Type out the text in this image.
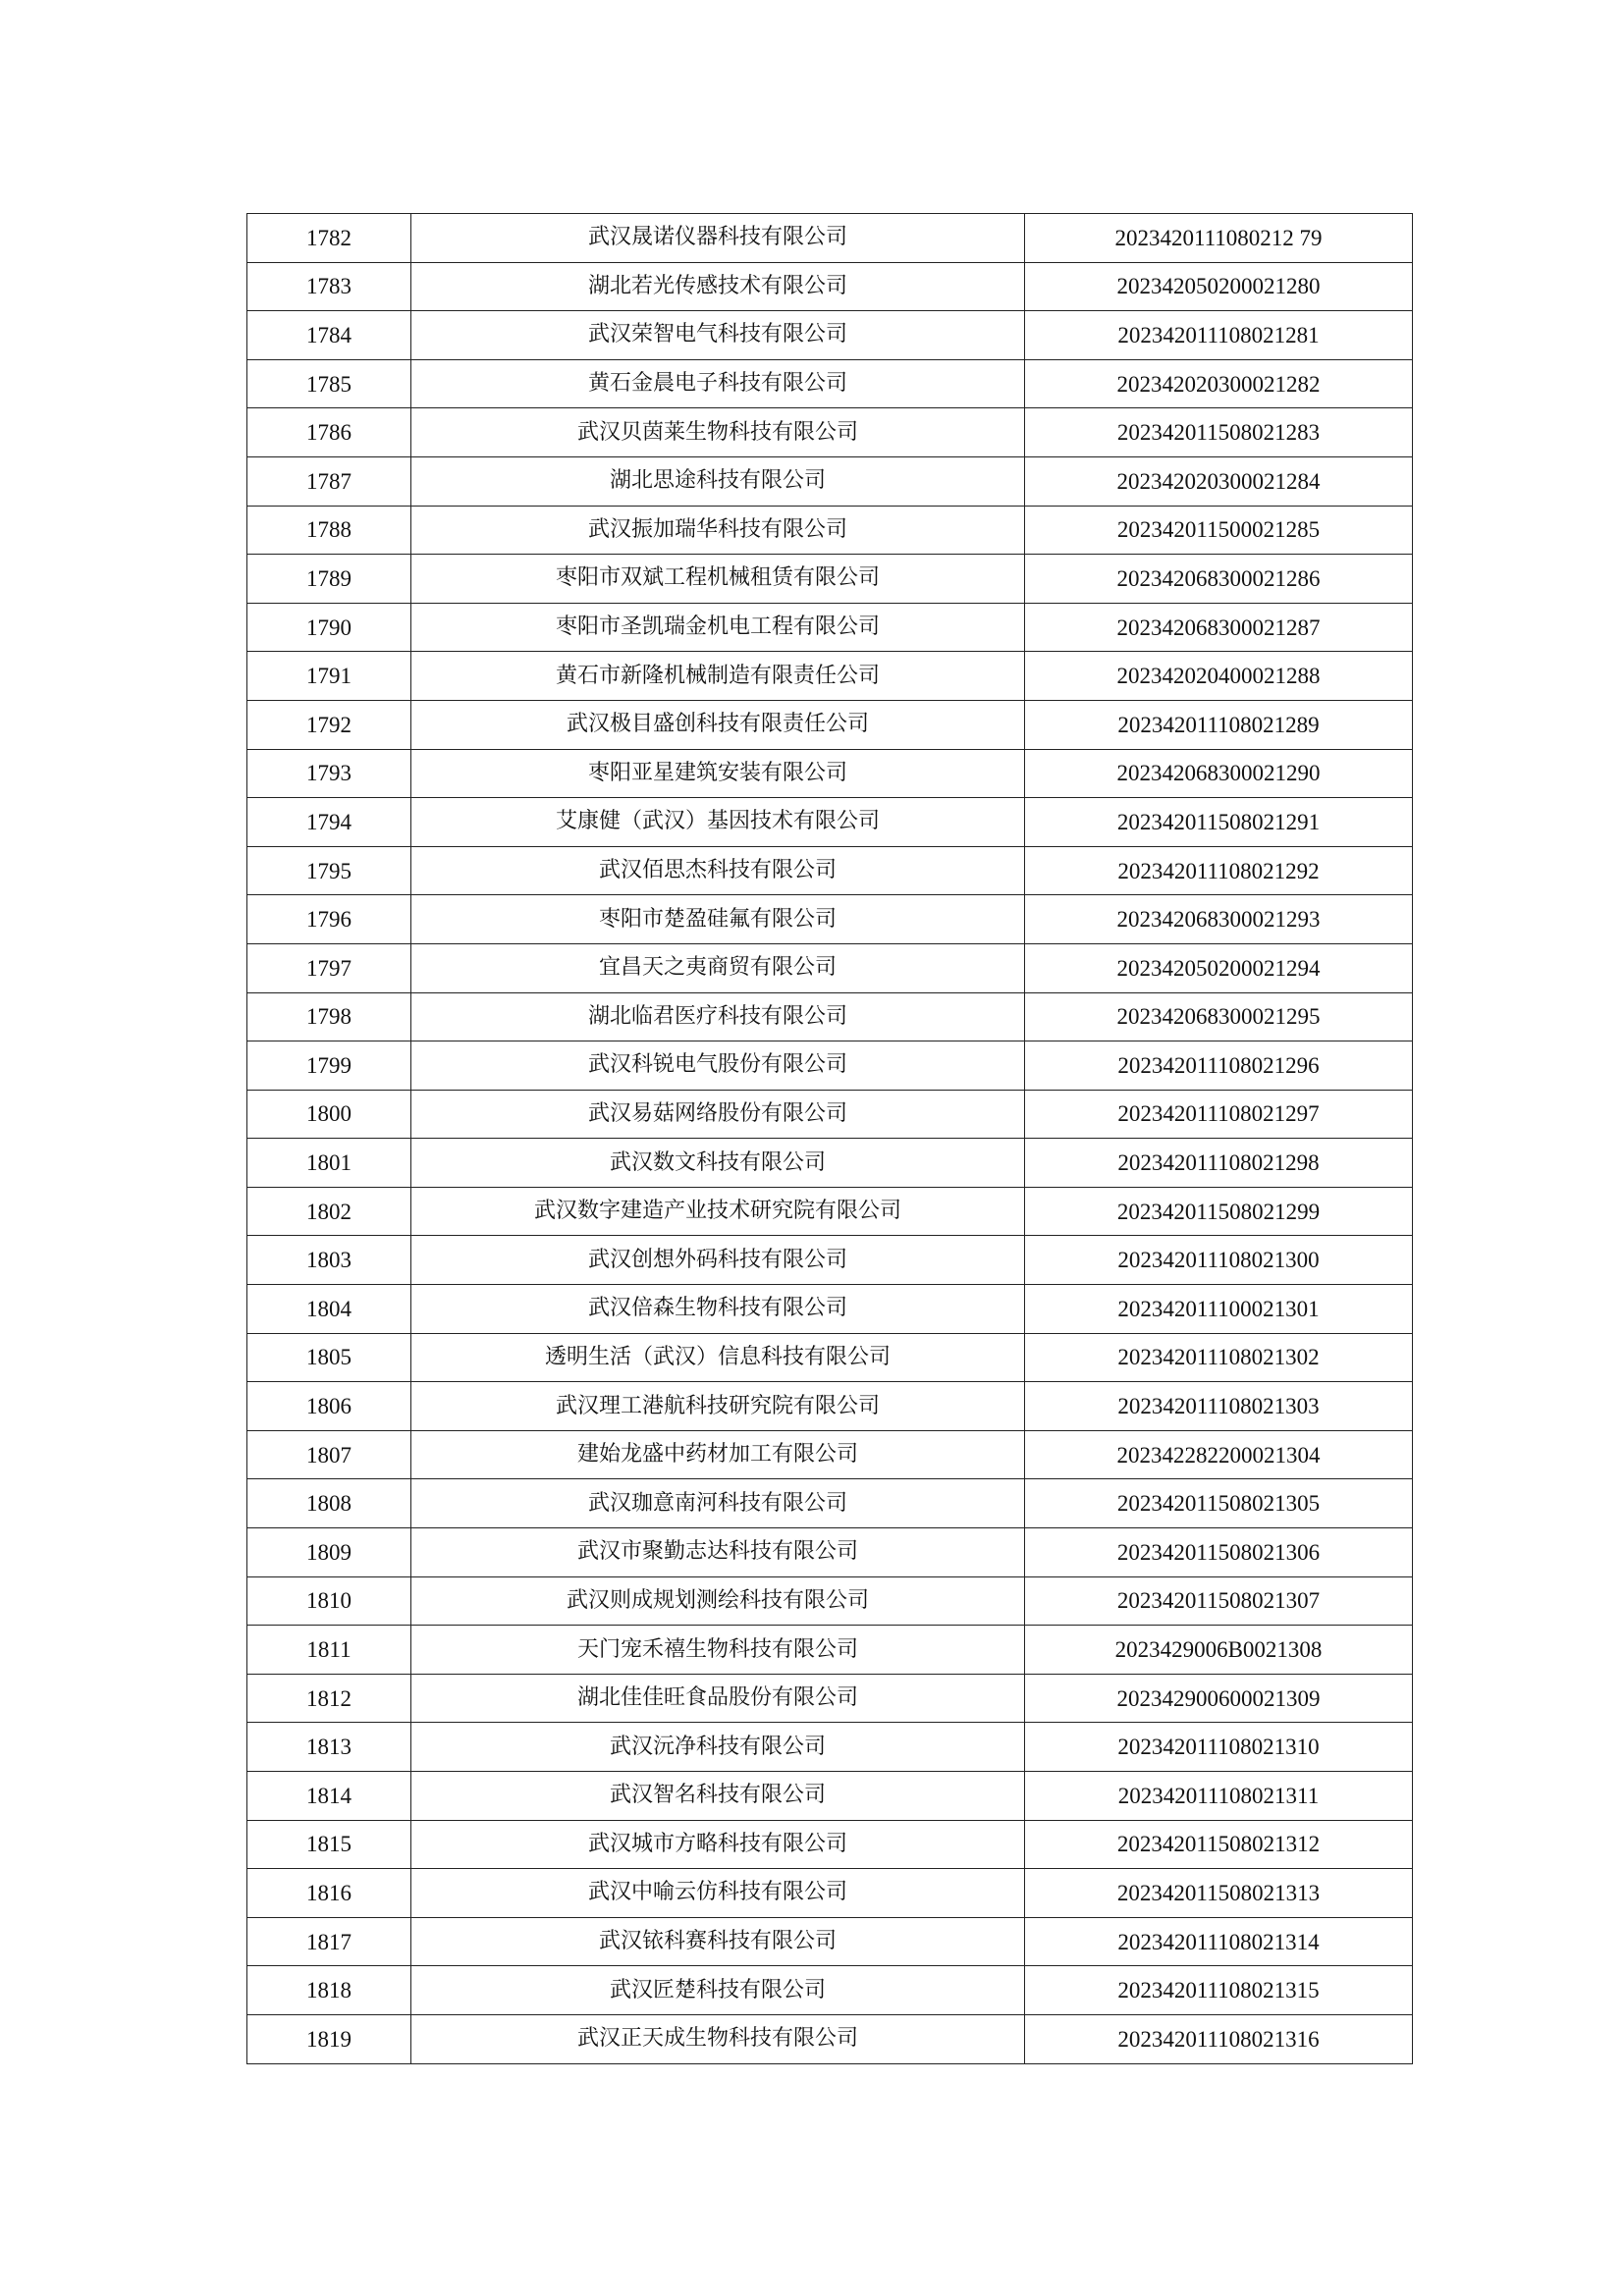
1782	武汉晟诺仪器科技有限公司	2023420111080212 79
1783	湖北若光传感技术有限公司	202342050200021280
1784	武汉荣智电气科技有限公司	202342011108021281
1785	黄石金晨电子科技有限公司	202342020300021282
1786	武汉贝茵莱生物科技有限公司	202342011508021283
1787	湖北思途科技有限公司	202342020300021284
1788	武汉振加瑞华科技有限公司	202342011500021285
1789	枣阳市双斌工程机械租赁有限公司	202342068300021286
1790	枣阳市圣凯瑞金机电工程有限公司	202342068300021287
1791	黄石市新隆机械制造有限责任公司	202342020400021288
1792	武汉极目盛创科技有限责任公司	202342011108021289
1793	枣阳亚星建筑安装有限公司	202342068300021290
1794	艾康健（武汉）基因技术有限公司	202342011508021291
1795	武汉佰思杰科技有限公司	202342011108021292
1796	枣阳市楚盈硅氟有限公司	202342068300021293
1797	宜昌天之夷商贸有限公司	202342050200021294
1798	湖北临君医疗科技有限公司	202342068300021295
1799	武汉科锐电气股份有限公司	202342011108021296
1800	武汉易菇网络股份有限公司	202342011108021297
1801	武汉数文科技有限公司	202342011108021298
1802	武汉数字建造产业技术研究院有限公司	202342011508021299
1803	武汉创想外码科技有限公司	202342011108021300
1804	武汉倍森生物科技有限公司	202342011100021301
1805	透明生活（武汉）信息科技有限公司	202342011108021302
1806	武汉理工港航科技研究院有限公司	202342011108021303
1807	建始龙盛中药材加工有限公司	202342282200021304
1808	武汉珈意南河科技有限公司	202342011508021305
1809	武汉市聚勤志达科技有限公司	202342011508021306
1810	武汉则成规划测绘科技有限公司	202342011508021307
1811	天门宠禾禧生物科技有限公司	2023429006B0021308
1812	湖北佳佳旺食品股份有限公司	202342900600021309
1813	武汉沅净科技有限公司	202342011108021310
1814	武汉智名科技有限公司	202342011108021311
1815	武汉城市方略科技有限公司	202342011508021312
1816	武汉中喻云仿科技有限公司	202342011508021313
1817	武汉铱科赛科技有限公司	202342011108021314
1818	武汉匠楚科技有限公司	202342011108021315
1819	武汉正天成生物科技有限公司	202342011108021316
